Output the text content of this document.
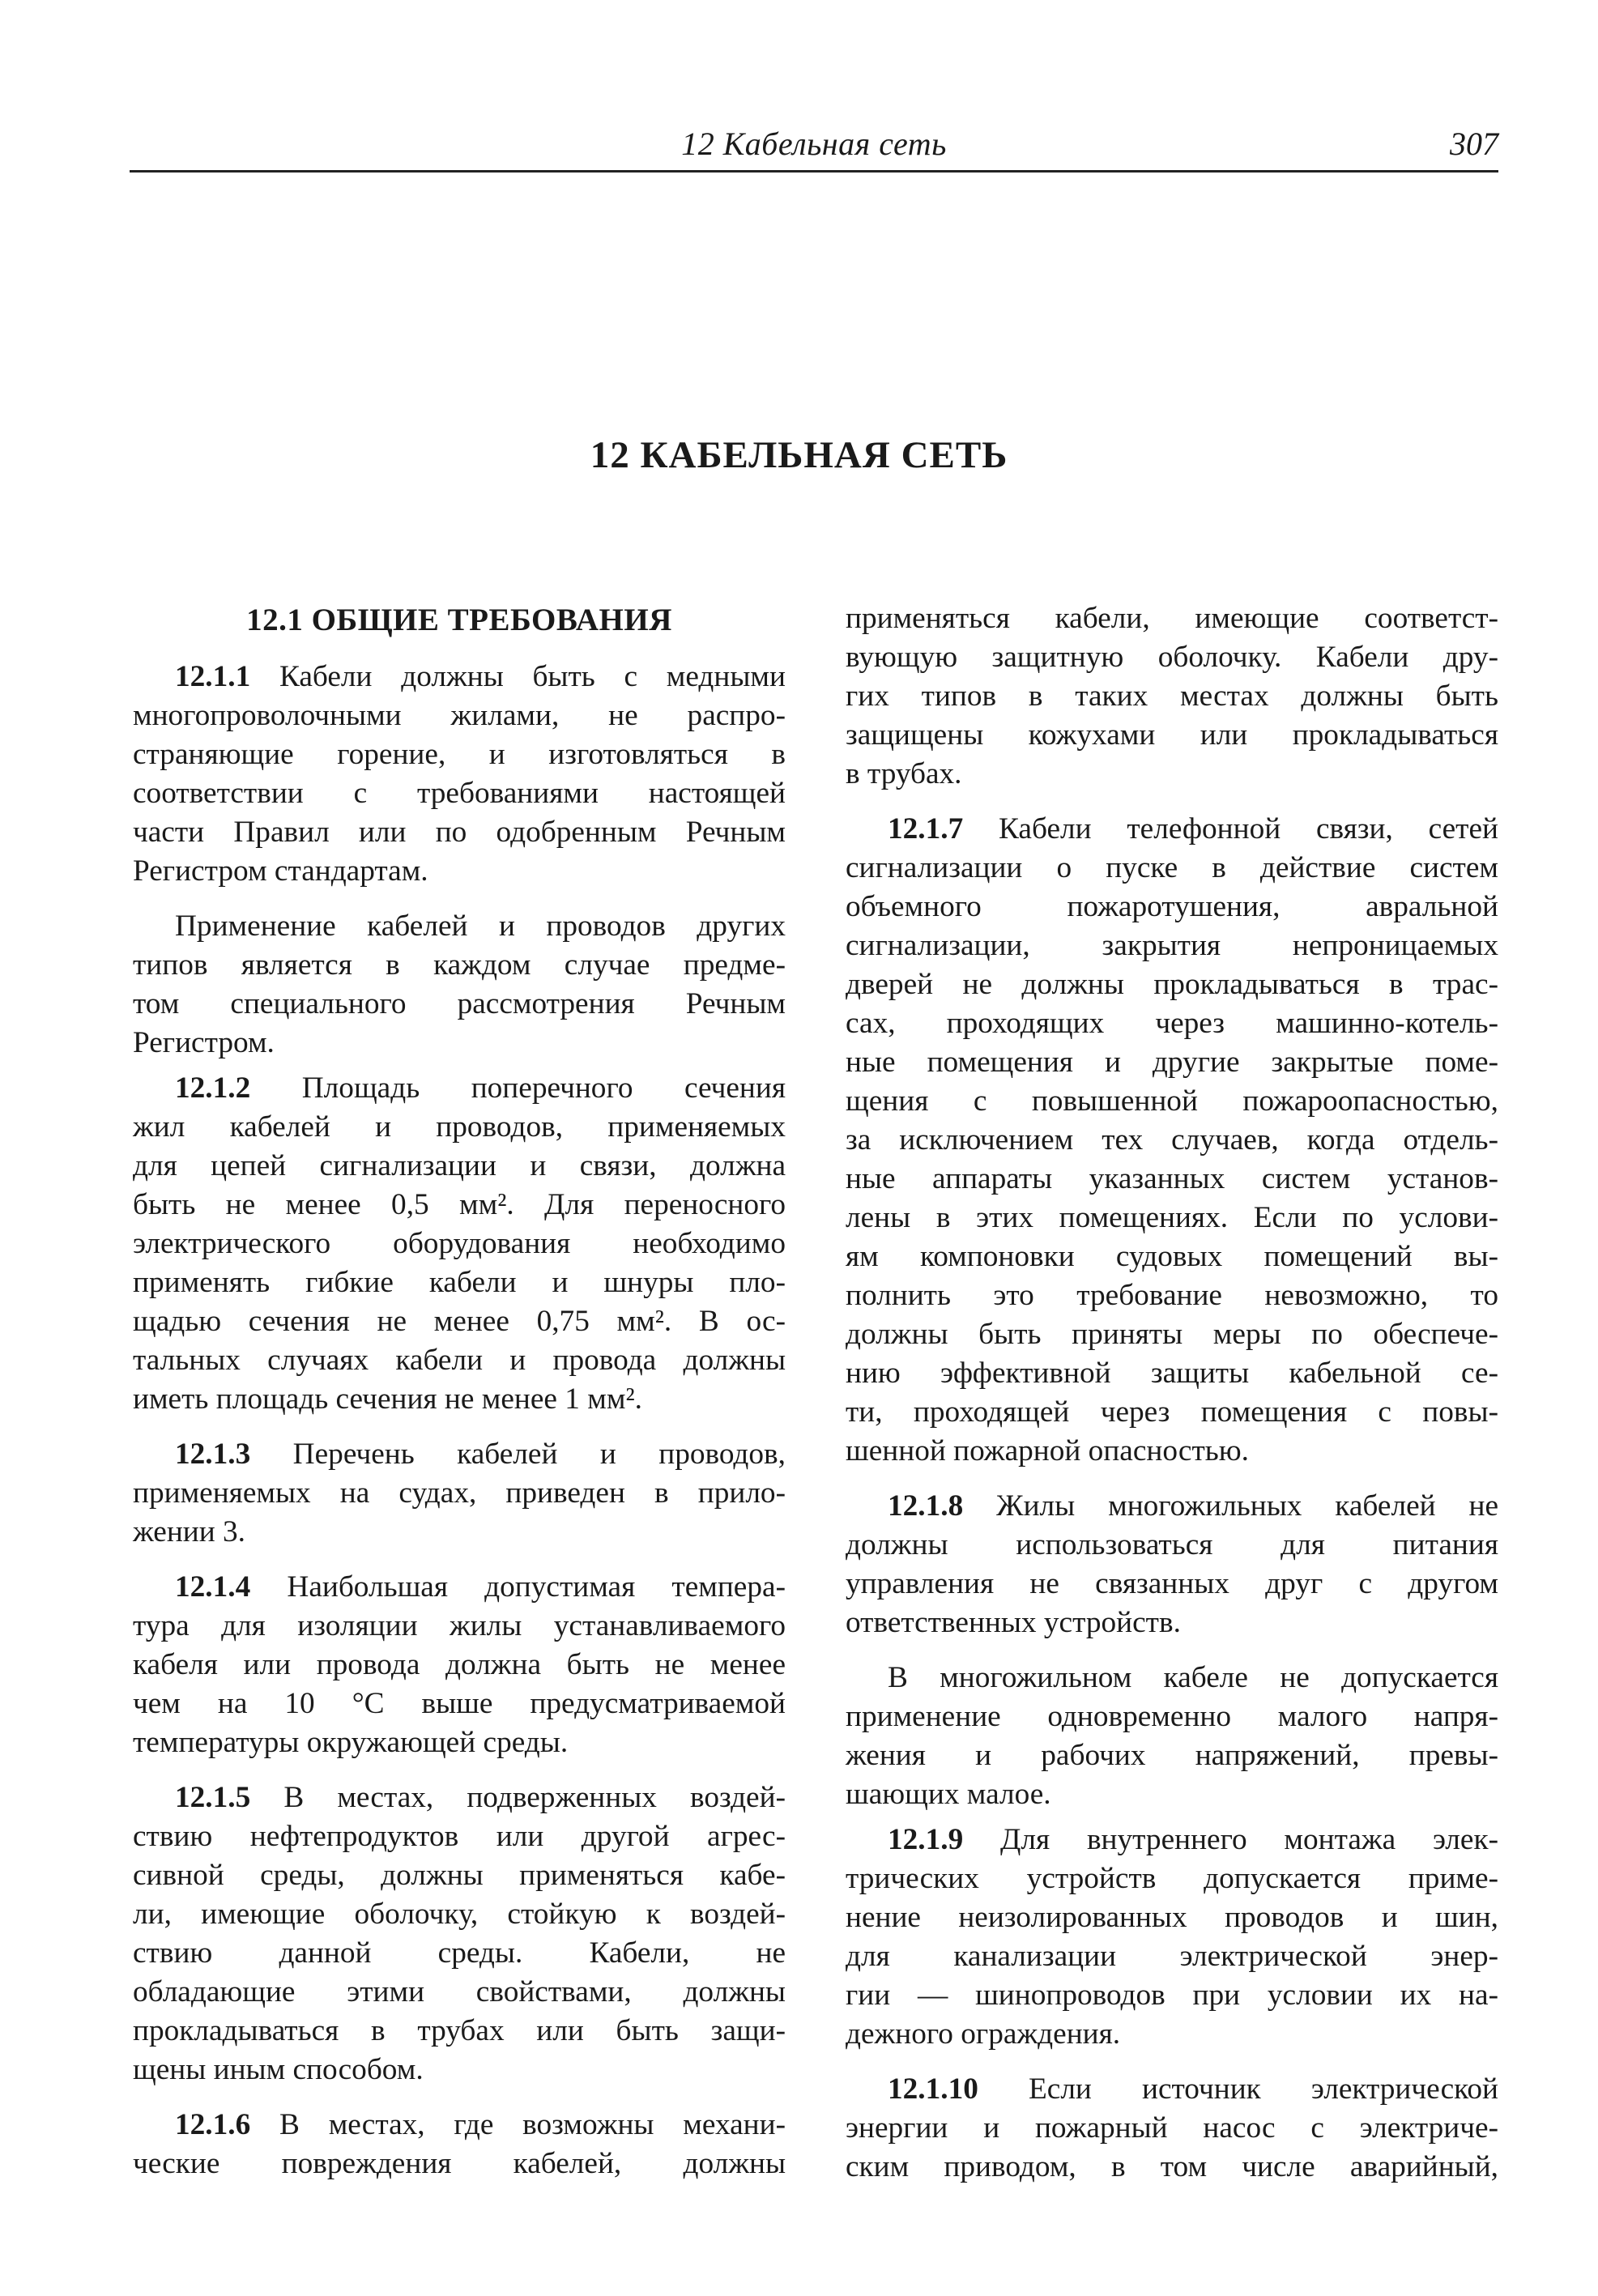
12 Кабельная сеть	307
12 КАБЕЛЬНАЯ СЕТЬ
12.1 ОБЩИЕ ТРЕБОВАНИЯ
12.1.1 Кабели должны быть с медными
многопроволочными жилами, не распро-
страняющие горение, и изготовляться в
соответствии с требованиями настоящей
части Правил или по одобренным Речным
Регистром стандартам.
Применение кабелей и проводов других
типов является в каждом случае предме-
том специального рассмотрения Речным
Регистром.
12.1.2 Площадь поперечного сечения
жил кабелей и проводов, применяемых
для цепей сигнализации и связи, должна
быть не менее 0,5 мм². Для переносного
электрического оборудования необходимо
применять гибкие кабели и шнуры пло-
щадью сечения не менее 0,75 мм². В ос-
тальных случаях кабели и провода должны
иметь площадь сечения не менее 1 мм².
12.1.3 Перечень кабелей и проводов,
применяемых на судах, приведен в прило-
жении 3.
12.1.4 Наибольшая допустимая темпера-
тура для изоляции жилы устанавливаемого
кабеля или провода должна быть не менее
чем на 10 °С выше предусматриваемой
температуры окружающей среды.
12.1.5 В местах, подверженных воздей-
ствию нефтепродуктов или другой агрес-
сивной среды, должны применяться кабе-
ли, имеющие оболочку, стойкую к воздей-
ствию данной среды. Кабели, не
обладающие этими свойствами, должны
прокладываться в трубах или быть защи-
щены иным способом.
12.1.6 В местах, где возможны механи-
ческие повреждения кабелей, должны
применяться кабели, имеющие соответст-
вующую защитную оболочку. Кабели дру-
гих типов в таких местах должны быть
защищены кожухами или прокладываться
в трубах.
12.1.7 Кабели телефонной связи, сетей
сигнализации о пуске в действие систем
объемного пожаротушения, авральной
сигнализации, закрытия непроницаемых
дверей не должны прокладываться в трас-
сах, проходящих через машинно-котель-
ные помещения и другие закрытые поме-
щения с повышенной пожароопасностью,
за исключением тех случаев, когда отдель-
ные аппараты указанных систем установ-
лены в этих помещениях. Если по услови-
ям компоновки судовых помещений вы-
полнить это требование невозможно, то
должны быть приняты меры по обеспече-
нию эффективной защиты кабельной се-
ти, проходящей через помещения с повы-
шенной пожарной опасностью.
12.1.8 Жилы многожильных кабелей не
должны использоваться для питания
управления не связанных друг с другом
ответственных устройств.
В многожильном кабеле не допускается
применение одновременно малого напря-
жения и рабочих напряжений, превы-
шающих малое.
12.1.9 Для внутреннего монтажа элек-
трических устройств допускается приме-
нение неизолированных проводов и шин,
для канализации электрической энер-
гии — шинопроводов при условии их на-
дежного ограждения.
12.1.10 Если источник электрической
энергии и пожарный насос с электриче-
ским приводом, в том числе аварийный,
